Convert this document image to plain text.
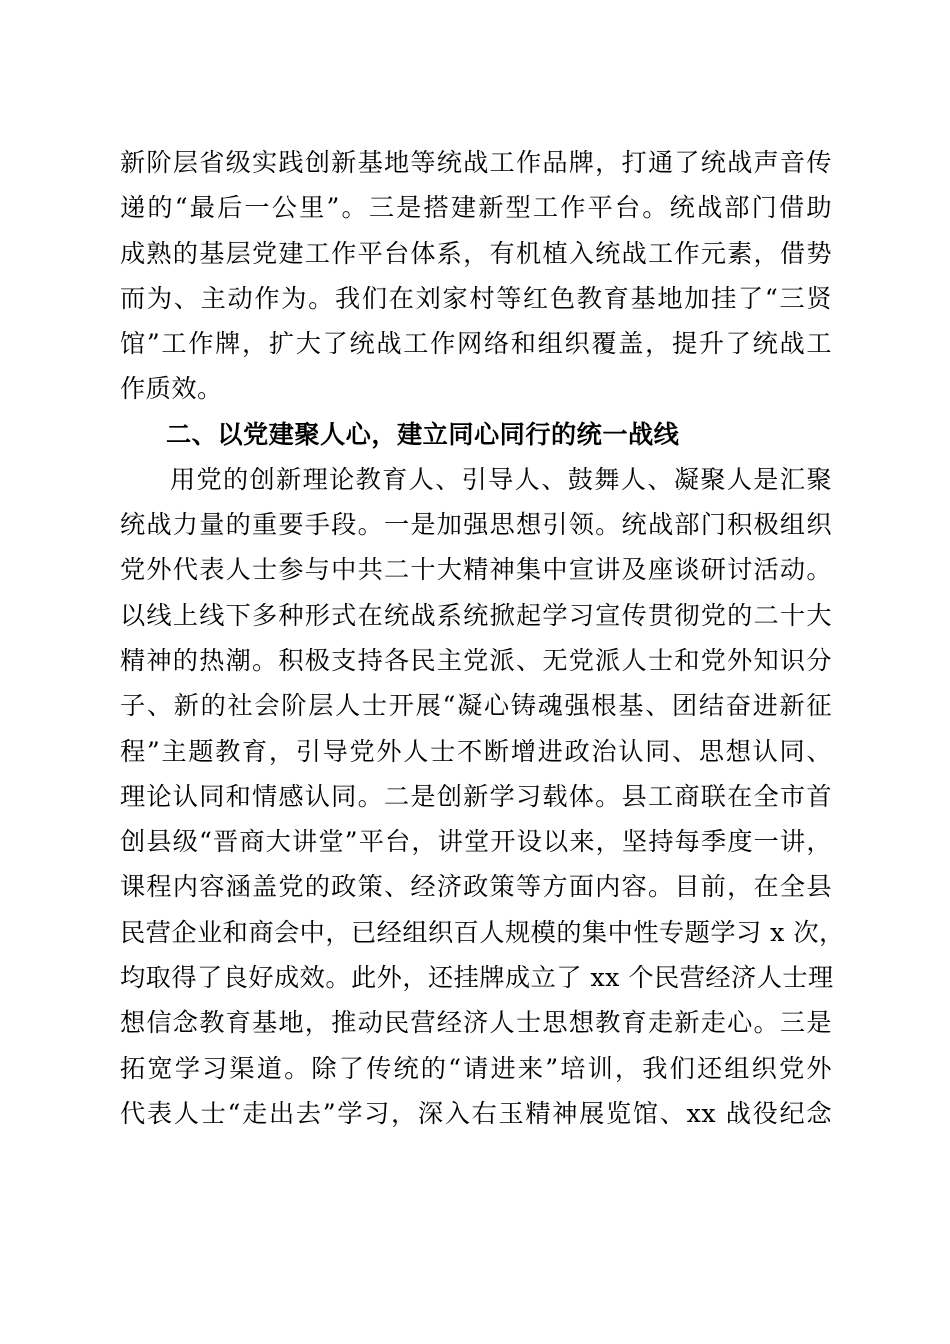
新阶层省级实践创新基地等统战工作品牌，打通了统战声音传
递的“最后一公里”。三是搭建新型工作平台。统战部门借助
成熟的基层党建工作平台体系，有机植入统战工作元素，借势
而为、主动作为。我们在刘家村等红色教育基地加挂了“三贤
馆”工作牌，扩大了统战工作网络和组织覆盖，提升了统战工
作质效。
二、以党建聚人心，建立同心同行的统一战线
用党的创新理论教育人、引导人、鼓舞人、凝聚人是汇聚
统战力量的重要手段。一是加强思想引领。统战部门积极组织
党外代表人士参与中共二十大精神集中宣讲及座谈研讨活动。
以线上线下多种形式在统战系统掀起学习宣传贯彻党的二十大
精神的热潮。积极支持各民主党派、无党派人士和党外知识分
子、新的社会阶层人士开展“凝心铸魂强根基、团结奋进新征
程”主题教育，引导党外人士不断增进政治认同、思想认同、
理论认同和情感认同。二是创新学习载体。县工商联在全市首
创县级“晋商大讲堂”平台，讲堂开设以来，坚持每季度一讲，
课程内容涵盖党的政策、经济政策等方面内容。目前，在全县
民营企业和商会中，已经组织百人规模的集中性专题学习 x 次，
均取得了良好成效。此外，还挂牌成立了 xx 个民营经济人士理
想信念教育基地，推动民营经济人士思想教育走新走心。三是
拓宽学习渠道。除了传统的“请进来”培训，我们还组织党外
代表人士“走出去”学习，深入右玉精神展览馆、xx 战役纪念
